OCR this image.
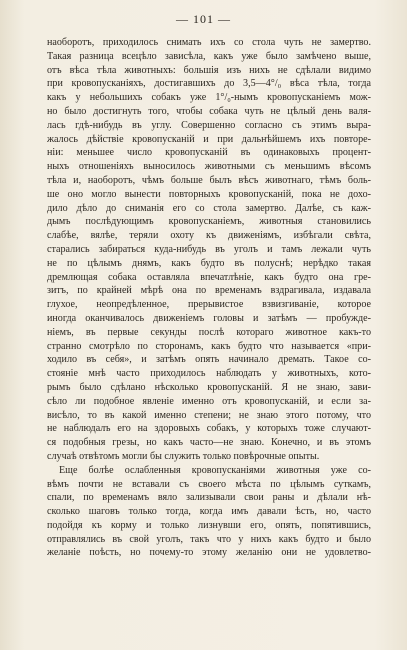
— 101 —
наоборотъ, приходилось снимать ихъ со стола чуть не замертво.
Такая разница всецѣло зависѣла, какъ уже было замѣчено выше,
отъ вѣса тѣла животныхъ: большія изъ нихъ не сдѣлали видимо
при кровопусканіяхъ, достигавшихъ до 3,5—4°/₀ вѣса тѣла, тогда
какъ у небольшихъ собакъ уже 1°/₀-нымъ кровопусканіемъ мож-
но было достигнуть того, чтобы собака чуть не цѣлый день валя-
лась гдѣ-нибудь въ углу. Совершенно согласно съ этимъ выра-
жалось дѣйствіе кровопусканій и при дальнѣйшемъ ихъ повторе-
ніи: меньшее число кровопусканій въ одинаковыхъ процент-
ныхъ отношеніяхъ выносилось животными съ меньшимъ вѣсомъ
тѣла и, наоборотъ, чѣмъ больше былъ вѣсъ животнаго, тѣмъ боль-
ше оно могло вынести повторныхъ кровопусканій, пока не дохо-
дило дѣло до сниманія его со стола замертво. Далѣе, съ каж-
дымъ послѣдующимъ кровопусканіемъ, животныя становились
слабѣе, вялѣе, теряли охоту къ движеніямъ, избѣгали свѣта,
старались забираться куда-нибудь въ уголъ и тамъ лежали чуть
не по цѣлымъ днямъ, какъ будто въ полуснѣ; нерѣдко такая
дремлющая собака оставляла впечатлѣніе, какъ будто она гре-
зитъ, по крайней мѣрѣ она по временамъ вздрагивала, издавала
глухое, неопредѣленное, прерывистое взвизгиваніе, которое
иногда оканчивалось движеніемъ головы и затѣмъ — пробужде-
ніемъ, въ первые секунды послѣ котораго животное какъ-то
странно смотрѣло по сторонамъ, какъ будто что называется «при-
ходило въ себя», и затѣмъ опять начинало дремать. Такое со-
стояніе мнѣ часто приходилось наблюдать у животныхъ, кото-
рымъ было сдѣлано нѣсколько кровопусканій. Я не знаю, зави-
сѣло ли подобное явленіе именно отъ кровопусканій, и если за-
висѣло, то въ какой именно степени; не знаю этого потому, что
не наблюдалъ его на здоровыхъ собакъ, у которыхъ тоже случают-
ся подобныя грезы, но какъ часто—не знаю. Конечно, и въ этомъ
случаѣ отвѣтомъ могли бы служить только повѣрочные опыты.
Еще болѣе ослабленныя кровопусканіями животныя уже со-
вѣмъ почти не вставали съ своего мѣста по цѣлымъ суткамъ,
спали, по временамъ вяло зализывали свои раны и дѣлали нѣ-
сколько шаговъ только тогда, когда имъ давали ѣсть, но, часто
подойдя къ корму и только лизнувши его, опять, попятившись,
отправлялись въ свой уголъ, такъ что у нихъ какъ будто и было
желаніе поѣсть, но почему-то этому желанію они не удовлетво-
